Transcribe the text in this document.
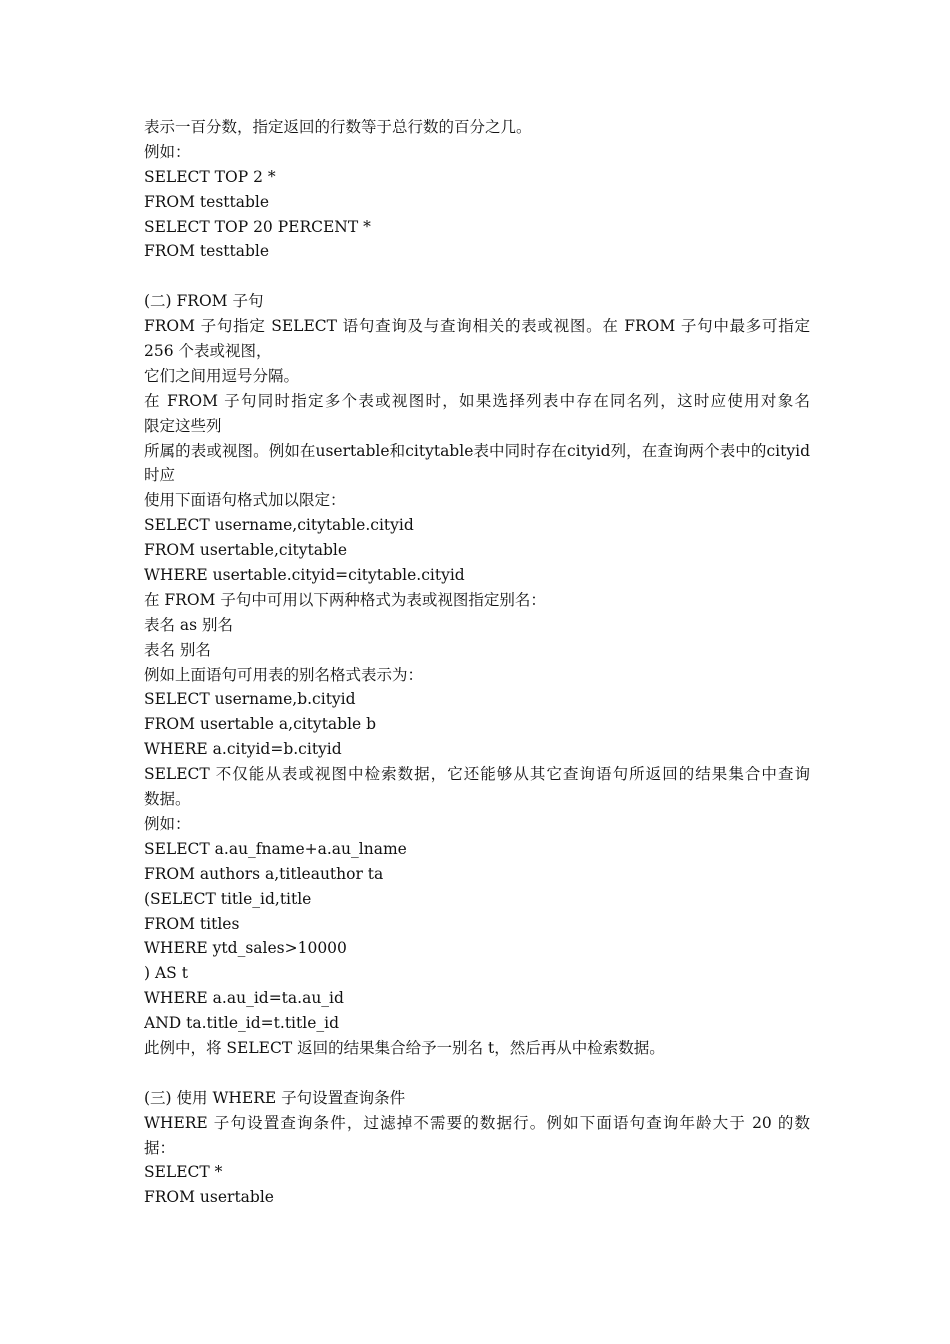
表示一百分数，指定返回的行数等于总行数的百分之几。
例如：
SELECT TOP 2 *
FROM testtable
SELECT TOP 20 PERCENT *
FROM testtable
(二) FROM 子句
FROM 子句指定 SELECT 语句查询及与查询相关的表或视图。在 FROM 子句中最多可指定
256 个表或视图，
它们之间用逗号分隔。
在 FROM 子句同时指定多个表或视图时，如果选择列表中存在同名列，这时应使用对象名
限定这些列
所属的表或视图。例如在usertable和citytable表中同时存在cityid列，在查询两个表中的cityid
时应
使用下面语句格式加以限定：
SELECT username,citytable.cityid
FROM usertable,citytable
WHERE usertable.cityid=citytable.cityid
在 FROM 子句中可用以下两种格式为表或视图指定别名：
表名 as 别名
表名 别名
例如上面语句可用表的别名格式表示为：
SELECT username,b.cityid
FROM usertable a,citytable b
WHERE a.cityid=b.cityid
SELECT 不仅能从表或视图中检索数据，它还能够从其它查询语句所返回的结果集合中查询
数据。
例如：
SELECT a.au_fname+a.au_lname
FROM authors a,titleauthor ta
(SELECT title_id,title
FROM titles
WHERE ytd_sales>10000
) AS t
WHERE a.au_id=ta.au_id
AND ta.title_id=t.title_id
此例中，将 SELECT 返回的结果集合给予一别名 t，然后再从中检索数据。
(三) 使用 WHERE 子句设置查询条件
WHERE 子句设置查询条件，过滤掉不需要的数据行。例如下面语句查询年龄大于 20 的数
据：
SELECT *
FROM usertable
